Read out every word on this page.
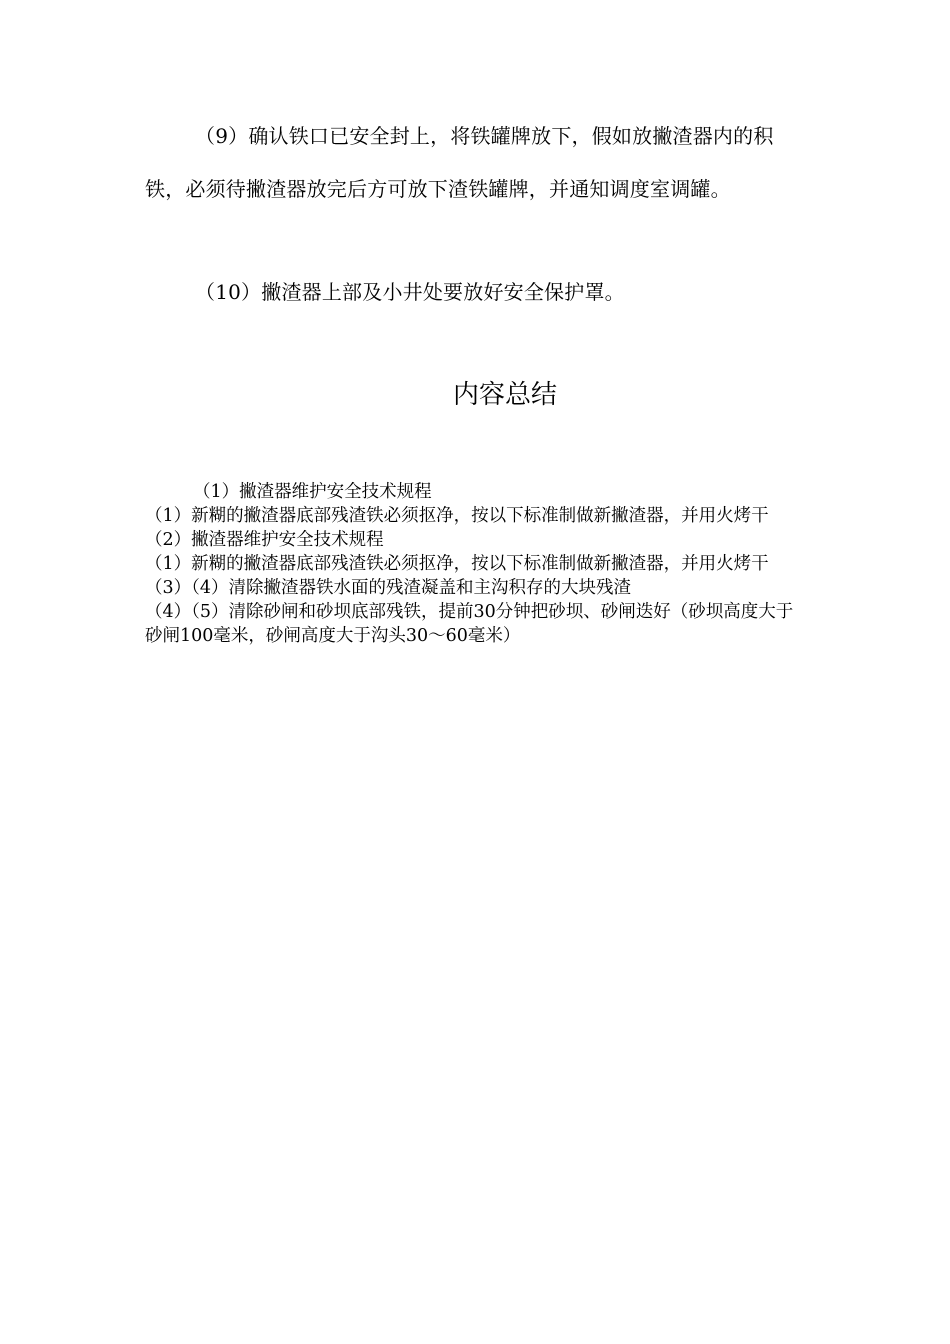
（9）确认铁口已安全封上，将铁罐牌放下，假如放撇渣器内的积铁，必须待撇渣器放完后方可放下渣铁罐牌，并通知调度室调罐。

（10）撇渣器上部及小井处要放好安全保护罩。

内容总结

（1）撇渣器维护安全技术规程

（1）新糊的撇渣器底部残渣铁必须抠净，按以下标准制做新撇渣器，并用火烤干

（2）撇渣器维护安全技术规程

（1）新糊的撇渣器底部残渣铁必须抠净，按以下标准制做新撇渣器，并用火烤干

（3）（4）清除撇渣器铁水面的残渣凝盖和主沟积存的大块残渣

（4）（5）清除砂闸和砂坝底部残铁，提前30分钟把砂坝、砂闸迭好（砂坝高度大于砂闸100毫米，砂闸高度大于沟头30～60毫米）
